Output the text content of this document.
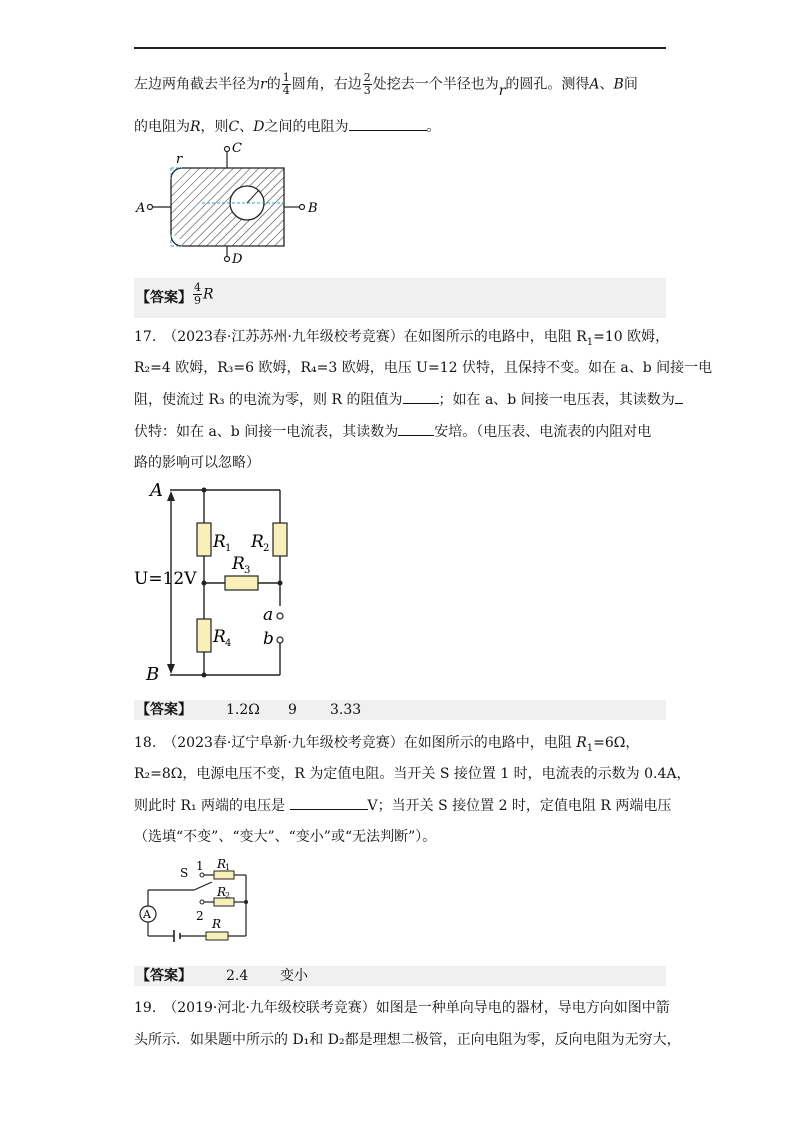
左边两角截去半径为r的 $\frac{1}{4}$ 圆角，右边 $\frac{2}{3}$ 处挖去一个半径也为r的圆孔。测得A、B间
的电阻为R，则C、D之间的电阻为	。
r
C
A	B
D
【答案】 $\frac{4}{9}$ R
17.　（2023春·江苏苏州·九年级校考竞赛）在如图所示的电路中，电阻 $R_1=10$ 欧姆，
R₂=4 欧姆，R₃=6 欧姆，R₄=3 欧姆，电压 U=12 伏特，且保持不变。如在 a、b 间接一电
阻，使流过 R₃ 的电流为零，则 R 的阻值为	；如在 a、b 间接一电压表，其读数为
伏特：如在 a、b 间接一电流表，其读数为	安培。（电压表、电流表的内阻对电
路的影响可以忽略）
A
B
U=12V
R 1 R 2
R 3
R 4
a
b
【答案】 1.2Ω 9 3.33
18.　（2023春·辽宁阜新·九年级校考竞赛）在如图所示的电路中，电阻 $R_1=6\Omega$，
R₂=8Ω，电源电压不变，R 为定值电阻。当开关 S 接位置 1 时，电流表的示数为 0.4A，
则此时 R₁ 两端的电压是	V；当开关 S 接位置 2 时，定值电阻 R 两端电压
（选填“不变”、“变大”、“变小”或“无法判断”）。
A
S 1
2
R
1
R
2
R
【答案】 2.4 变小
19.　（2019·河北·九年级校联考竞赛）如图是一种单向导电的器材，导电方向如图中箭
头所示．如果题中所示的 D₁和 D₂都是理想二极管，正向电阻为零，反向电阻为无穷大，
